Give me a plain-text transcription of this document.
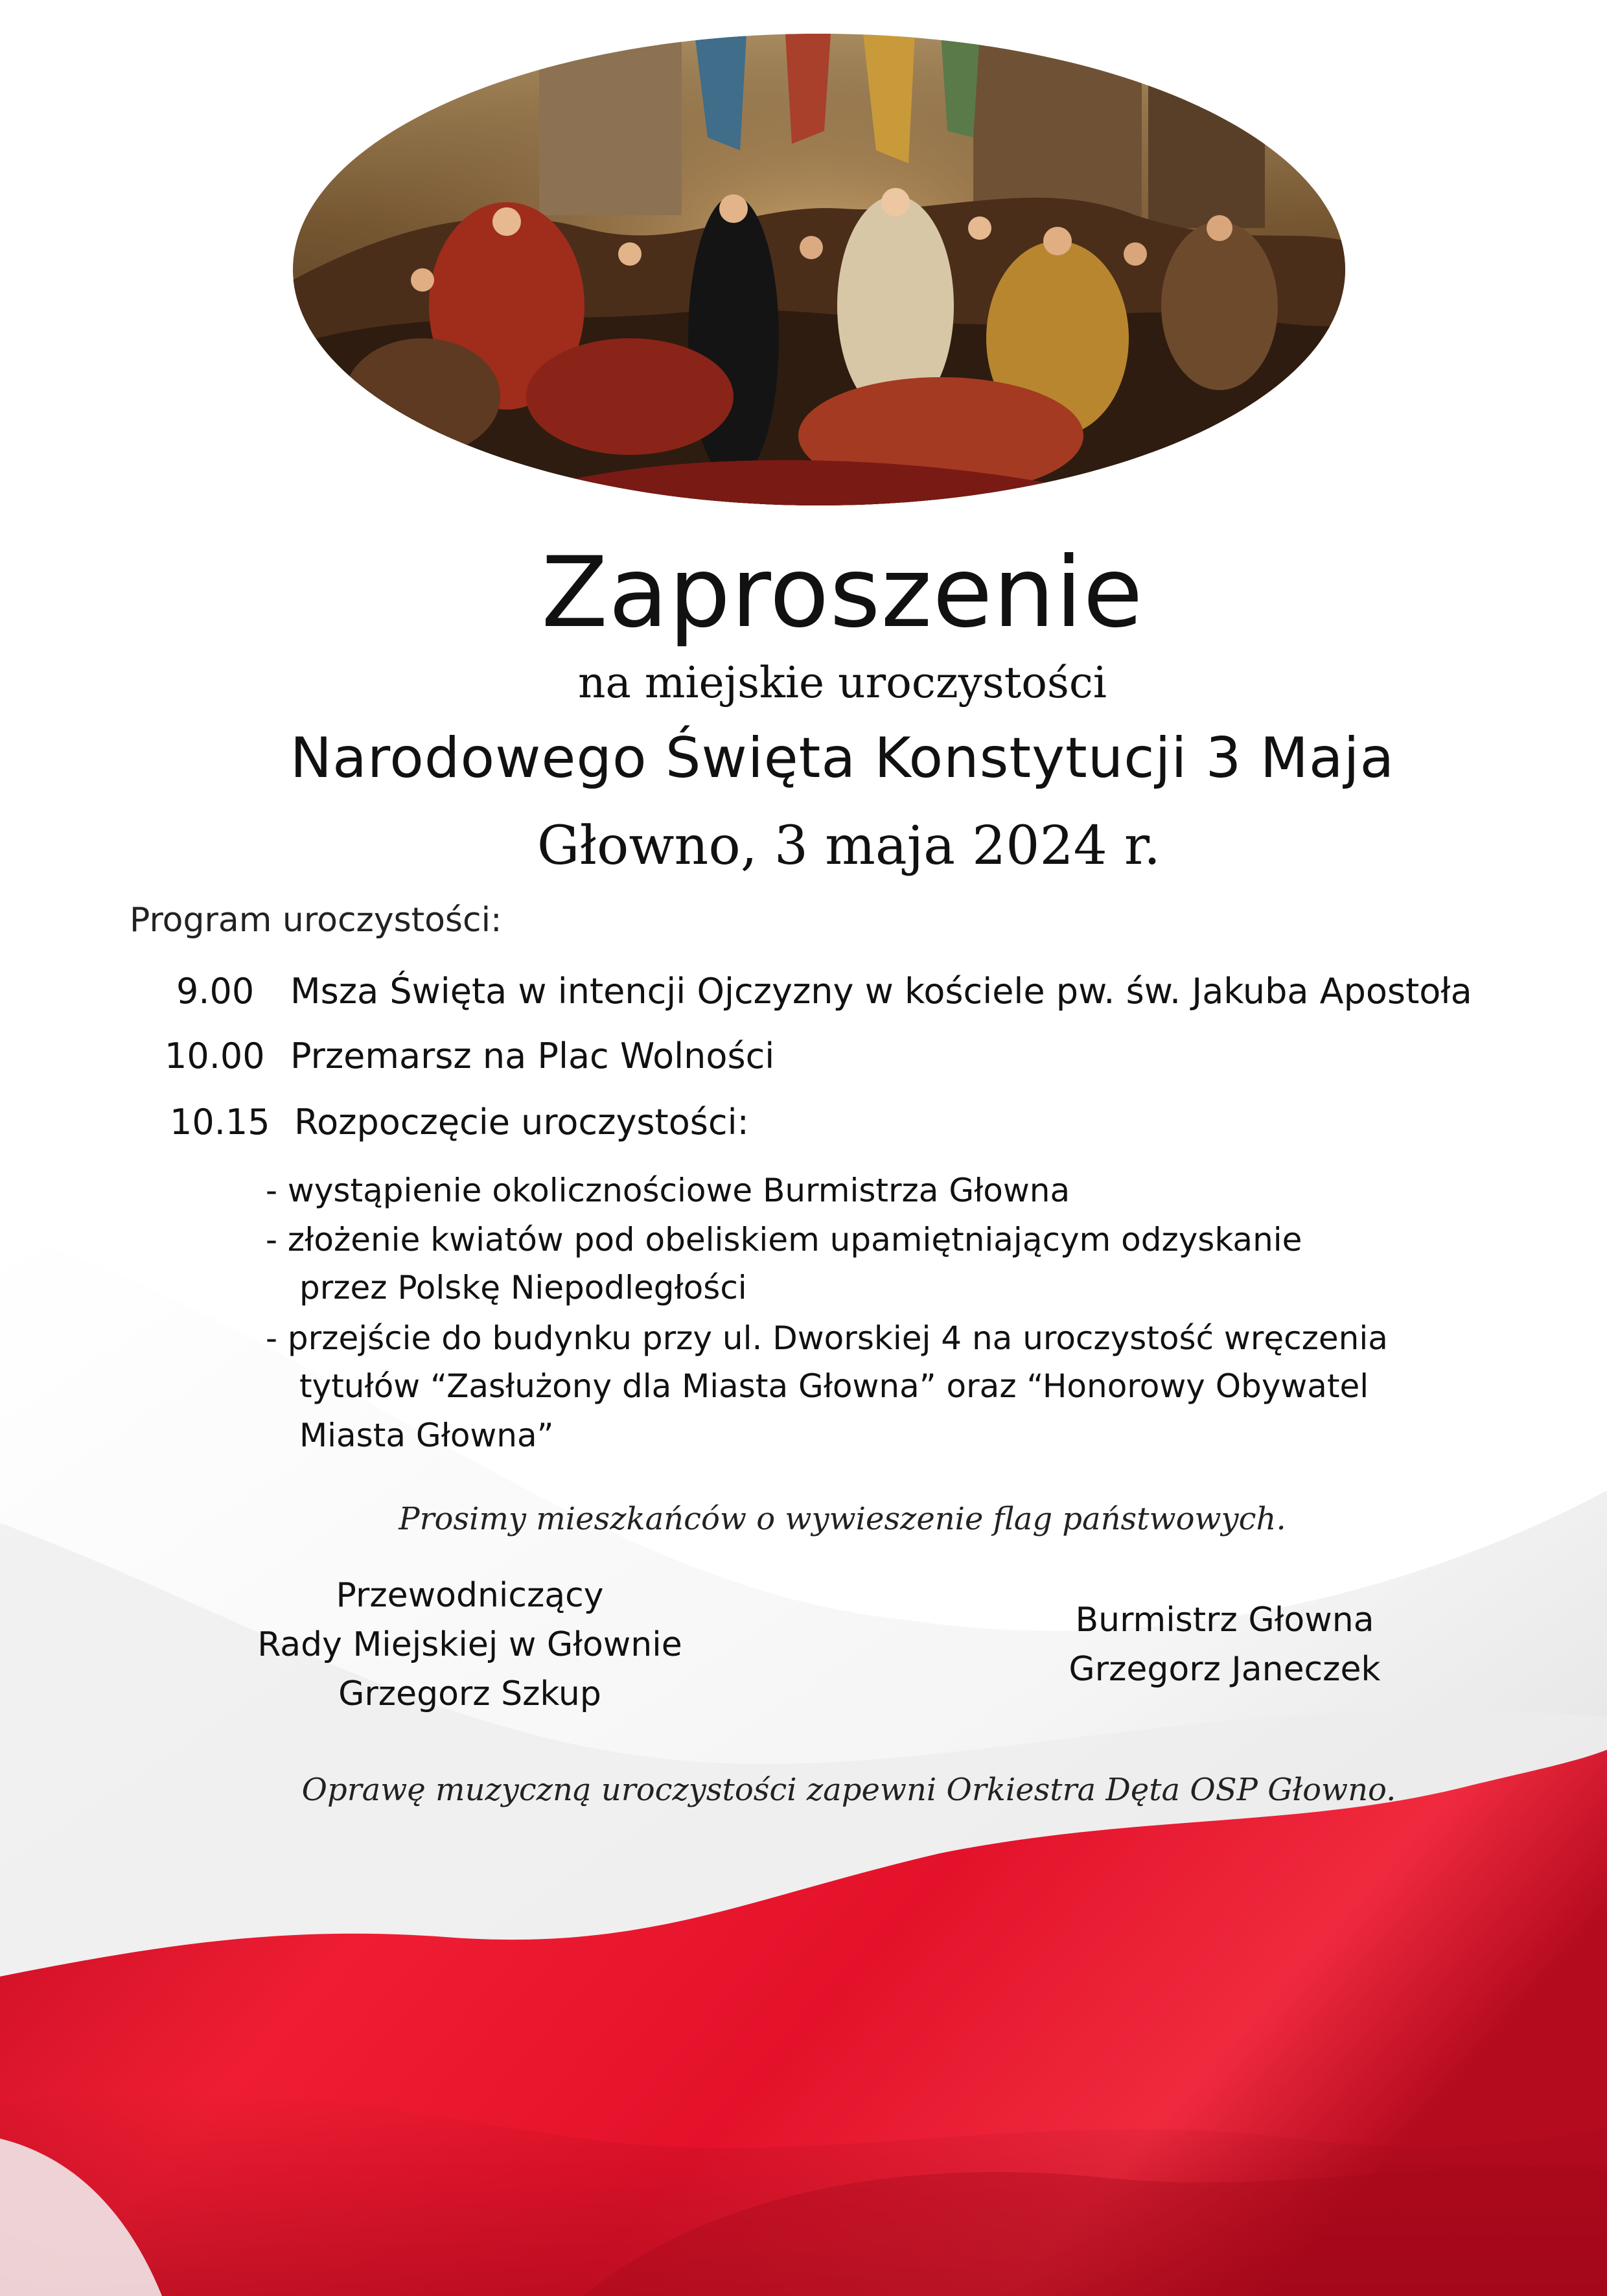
Zaproszenie

na miejskie uroczystości

Narodowego Święta Konstytucji 3 Maja

Głowno, 3 maja 2024 r.

Program uroczystości:

9.00 Msza Święta w intencji Ojczyzny w kościele pw. św. Jakuba Apostoła
10.00 Przemarsz na Plac Wolności
10.15 Rozpoczęcie uroczystości:
- wystąpienie okolicznościowe Burmistrza Głowna
- złożenie kwiatów pod obeliskiem upamiętniającym odzyskanie
przez Polskę Niepodległości
- przejście do budynku przy ul. Dworskiej 4 na uroczystość wręczenia
tytułów “Zasłużony dla Miasta Głowna” oraz “Honorowy Obywatel
Miasta Głowna”

Prosimy mieszkańców o wywieszenie flag państwowych.

Przewodniczący
Rady Miejskiej w Głownie
Grzegorz Szkup
Burmistrz Głowna
Grzegorz Janeczek

Oprawę muzyczną uroczystości zapewni Orkiestra Dęta OSP Głowno.
